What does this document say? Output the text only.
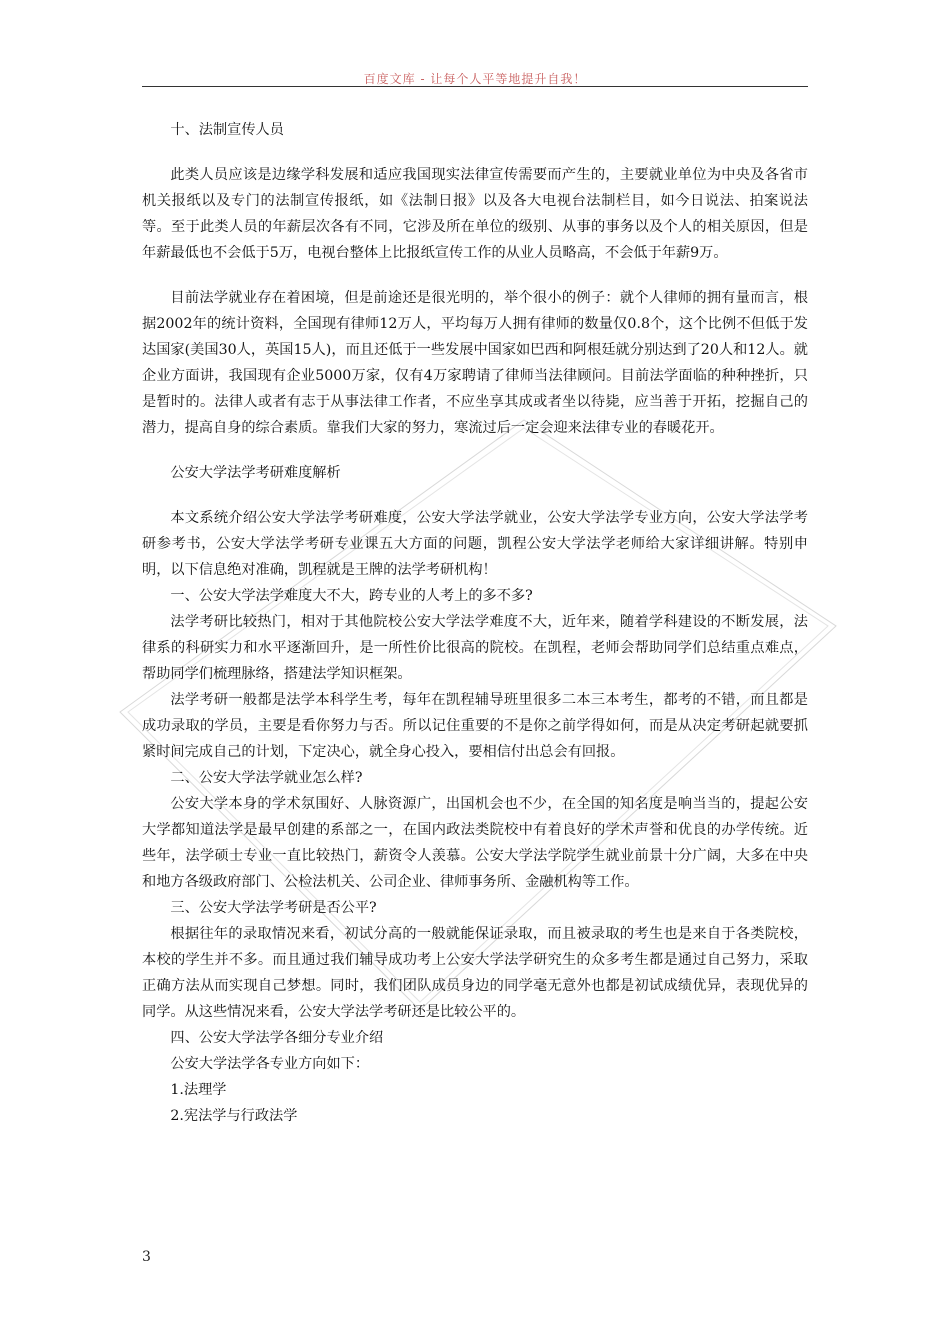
百度文库 - 让每个人平等地提升自我！

十、法制宣传人员

此类人员应该是边缘学科发展和适应我国现实法律宣传需要而产生的，主要就业单位为中央及各省市机关报纸以及专门的法制宣传报纸，如《法制日报》以及各大电视台法制栏目，如今日说法、拍案说法等。至于此类人员的年薪层次各有不同，它涉及所在单位的级别、从事的事务以及个人的相关原因，但是年薪最低也不会低于5万，电视台整体上比报纸宣传工作的从业人员略高，不会低于年薪9万。

目前法学就业存在着困境，但是前途还是很光明的，举个很小的例子：就个人律师的拥有量而言，根据2002年的统计资料，全国现有律师12万人，平均每万人拥有律师的数量仅0.8个，这个比例不但低于发达国家(美国30人，英国15人)，而且还低于一些发展中国家如巴西和阿根廷就分别达到了20人和12人。就企业方面讲，我国现有企业5000万家，仅有4万家聘请了律师当法律顾问。目前法学面临的种种挫折，只是暂时的。法律人或者有志于从事法律工作者，不应坐享其成或者坐以待毙，应当善于开拓，挖掘自己的潜力，提高自身的综合素质。靠我们大家的努力，寒流过后一定会迎来法律专业的春暖花开。

公安大学法学考研难度解析

本文系统介绍公安大学法学考研难度，公安大学法学就业，公安大学法学专业方向，公安大学法学考研参考书，公安大学法学考研专业课五大方面的问题，凯程公安大学法学老师给大家详细讲解。特别申明，以下信息绝对准确，凯程就是王牌的法学考研机构！

一、公安大学法学难度大不大，跨专业的人考上的多不多?

法学考研比较热门，相对于其他院校公安大学法学难度不大，近年来，随着学科建设的不断发展，法律系的科研实力和水平逐渐回升，是一所性价比很高的院校。在凯程，老师会帮助同学们总结重点难点，帮助同学们梳理脉络，搭建法学知识框架。

法学考研一般都是法学本科学生考，每年在凯程辅导班里很多二本三本考生，都考的不错，而且都是成功录取的学员，主要是看你努力与否。所以记住重要的不是你之前学得如何，而是从决定考研起就要抓紧时间完成自己的计划，下定决心，就全身心投入，要相信付出总会有回报。

二、公安大学法学就业怎么样?

公安大学本身的学术氛围好、人脉资源广，出国机会也不少，在全国的知名度是响当当的，提起公安大学都知道法学是最早创建的系部之一，在国内政法类院校中有着良好的学术声誉和优良的办学传统。近些年，法学硕士专业一直比较热门，薪资令人羡慕。公安大学法学院学生就业前景十分广阔，大多在中央和地方各级政府部门、公检法机关、公司企业、律师事务所、金融机构等工作。

三、公安大学法学考研是否公平?

根据往年的录取情况来看，初试分高的一般就能保证录取，而且被录取的考生也是来自于各类院校，本校的学生并不多。而且通过我们辅导成功考上公安大学法学研究生的众多考生都是通过自己努力，采取正确方法从而实现自己梦想。同时，我们团队成员身边的同学毫无意外也都是初试成绩优异，表现优异的同学。从这些情况来看，公安大学法学考研还是比较公平的。

四、公安大学法学各细分专业介绍

公安大学法学各专业方向如下：

1.法理学

2.宪法学与行政法学

3
